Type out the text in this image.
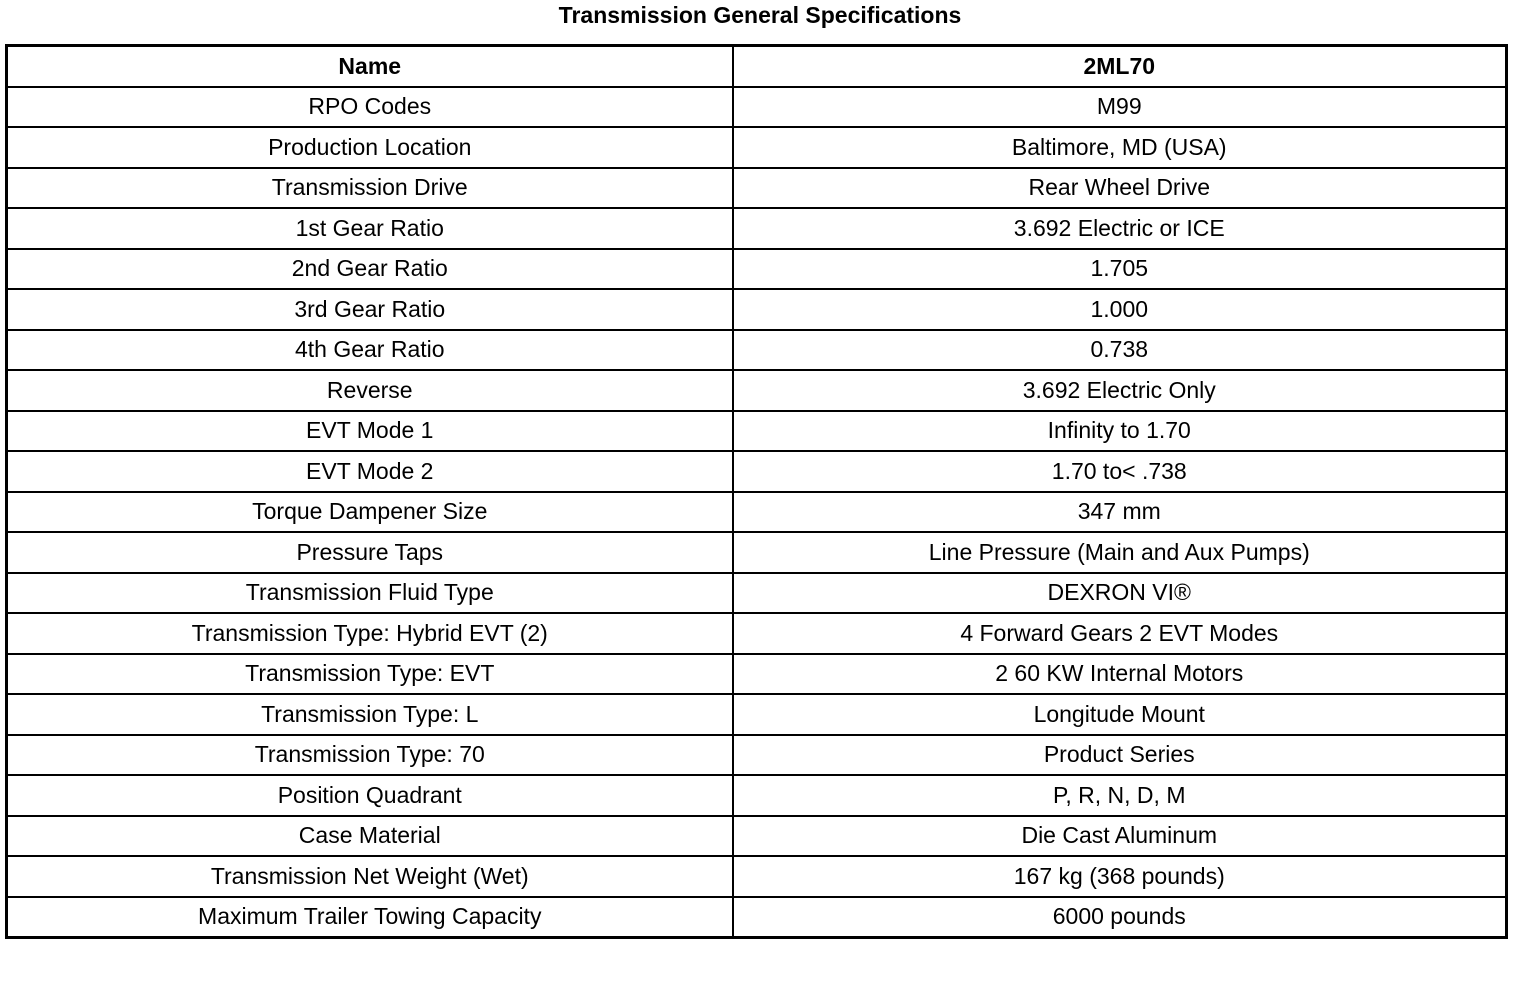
Transmission General Specifications
Name	2ML70
RPO Codes	M99
Production Location	Baltimore, MD (USA)
Transmission Drive	Rear Wheel Drive
1st Gear Ratio	3.692 Electric or ICE
2nd Gear Ratio	1.705
3rd Gear Ratio	1.000
4th Gear Ratio	0.738
Reverse	3.692 Electric Only
EVT Mode 1	Infinity to 1.70
EVT Mode 2	1.70 to< .738
Torque Dampener Size	347 mm
Pressure Taps	Line Pressure (Main and Aux Pumps)
Transmission Fluid Type	DEXRON VI®
Transmission Type: Hybrid EVT (2)	4 Forward Gears 2 EVT Modes
Transmission Type: EVT	2 60 KW Internal Motors
Transmission Type: L	Longitude Mount
Transmission Type: 70	Product Series
Position Quadrant	P, R, N, D, M
Case Material	Die Cast Aluminum
Transmission Net Weight (Wet)	167 kg (368 pounds)
Maximum Trailer Towing Capacity	6000 pounds
